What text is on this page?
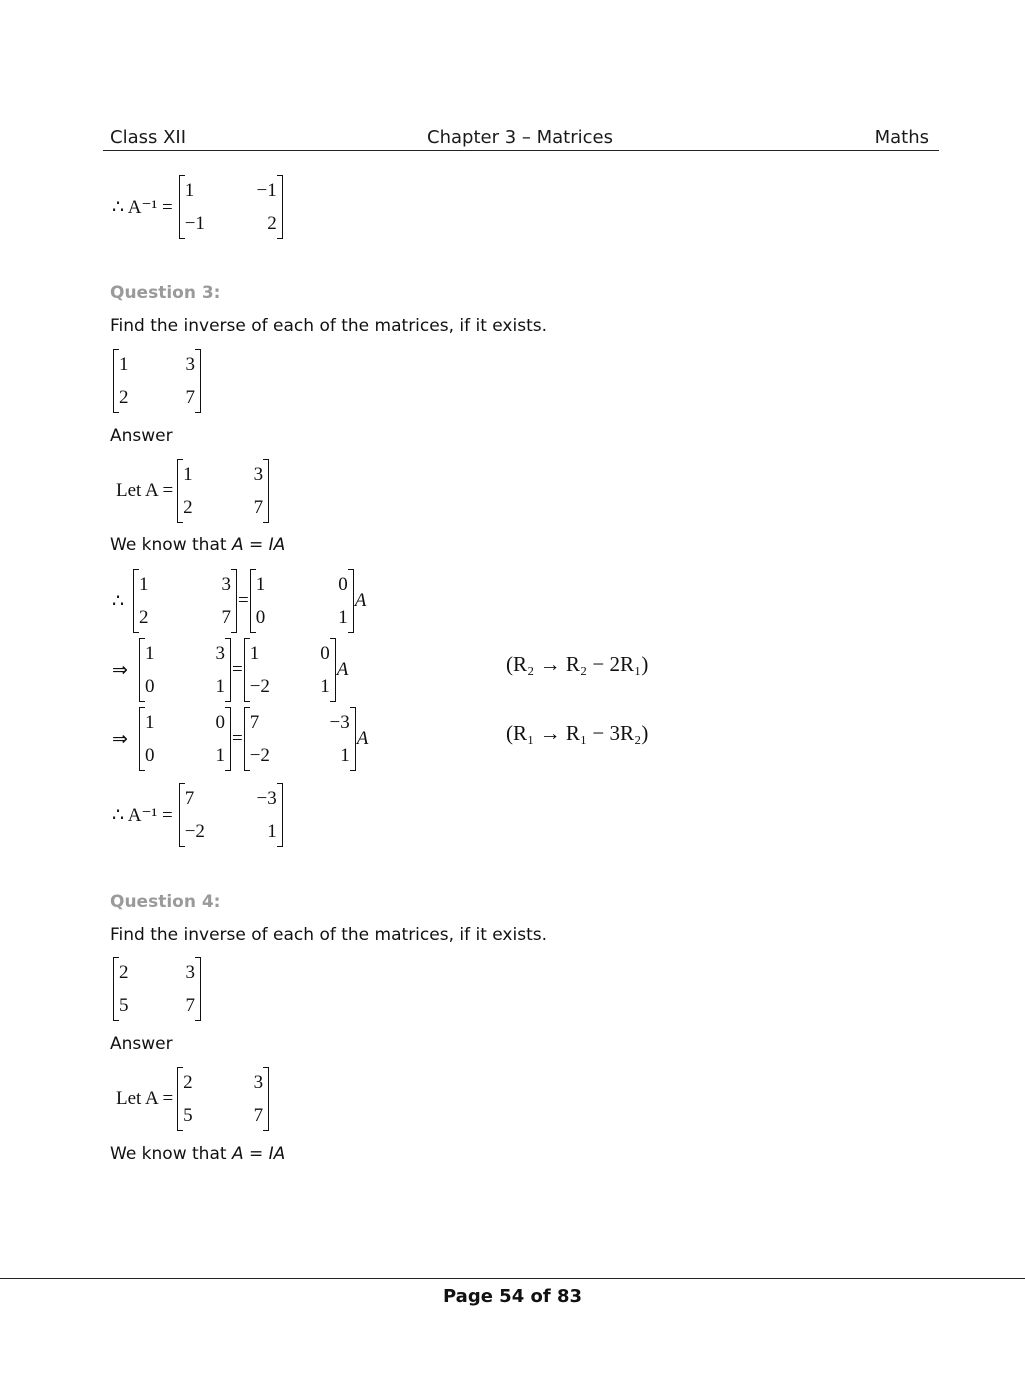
Class XII	Chapter 3 – Matrices	Maths
∴ A⁻¹ =
1	−1
−1	2
Question 3:
Find the inverse of each of the matrices, if it exists.
1	3
2	7
Answer
Let A =
1	3
2	7
We know that A = IA
∴
1	3
2	7
=
1	0
0	1
A
⇒
1	3
0	1
=
1	0
−2	1
A	(R₂ → R₂ − 2R₁)
⇒
1	0
0	1
=
7	−3
−2	1
A	(R₁ → R₁ − 3R₂)
∴ A⁻¹ =
7	−3
−2	1
Question 4:
Find the inverse of each of the matrices, if it exists.
2	3
5	7
Answer
Let A =
2	3
5	7
We know that A = IA
Page 54 of 83
